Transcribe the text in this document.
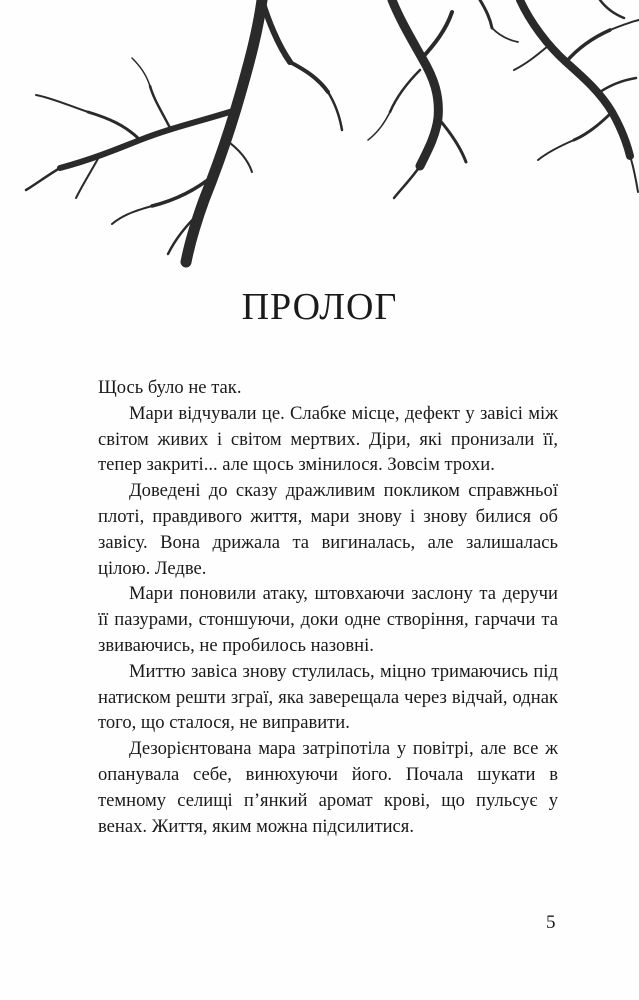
ПРОЛОГ

Щось було не так.

Мари відчували це. Слабке місце, дефект у завісі між світом живих і світом мертвих. Діри, які пронизали її, тепер закриті... але щось змінилося. Зовсім трохи.

Доведені до сказу дражливим покликом справжньої плоті, правдивого життя, мари знову і знову билися об завісу. Вона дрижала та вигиналась, але залишалась цілою. Ледве.

Мари поновили атаку, штовхаючи заслону та деручи її пазурами, стоншуючи, доки одне створіння, гарчачи та звиваючись, не пробилось назовні.

Миттю завіса знову стулилась, міцно тримаючись під натиском решти зграї, яка заверещала через відчай, однак того, що сталося, не виправити.

Дезорієнтована мара затріпотіла у повітрі, але все ж опанувала себе, винюхуючи його. Почала шукати в темному селищі п’янкий аромат крові, що пульсує у венах. Життя, яким можна підсилитися.

5
